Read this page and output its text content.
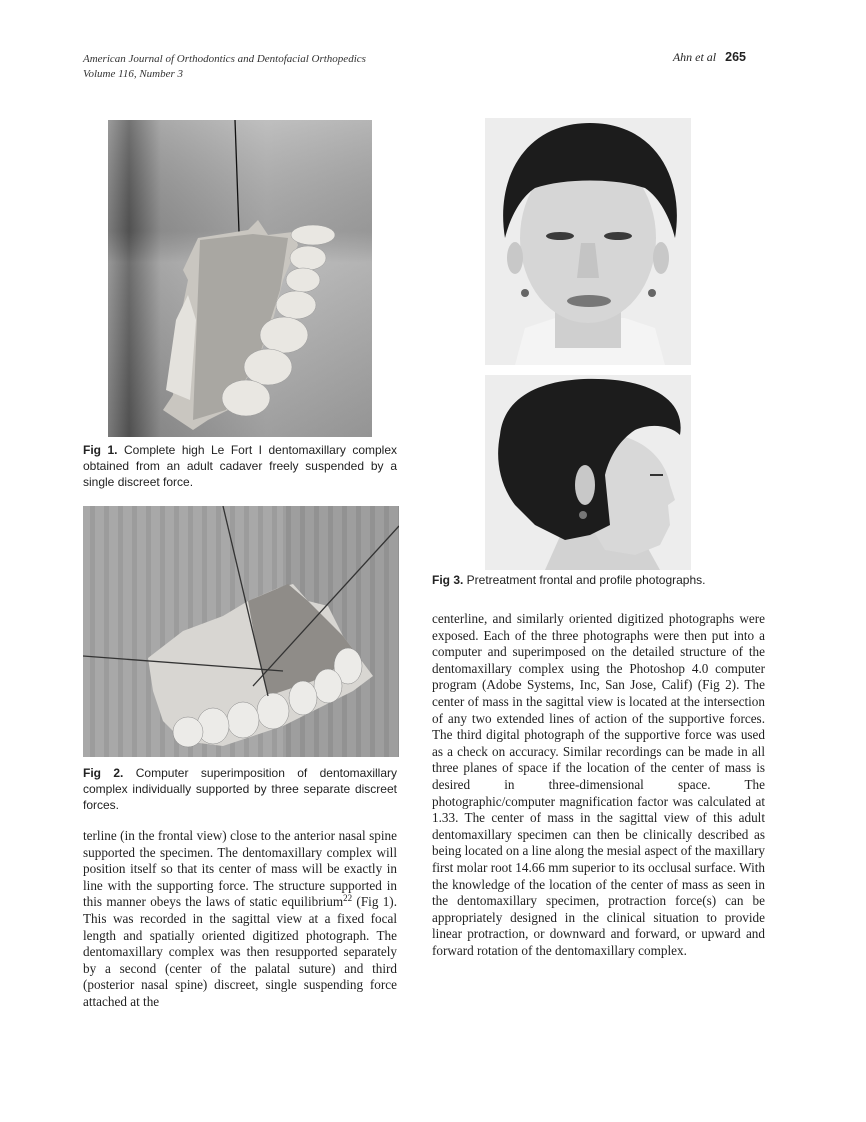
American Journal of Orthodontics and Dentofacial Orthopedics
Volume 116, Number 3
Ahn et al 265
Fig 1. Complete high Le Fort I dentomaxillary complex obtained from an adult cadaver freely suspended by a single discreet force.
Fig 2. Computer superimposition of dentomaxillary complex individually supported by three separate discreet forces.
terline (in the frontal view) close to the anterior nasal spine supported the specimen. The dentomaxillary complex will position itself so that its center of mass will be exactly in line with the supporting force. The structure supported in this manner obeys the laws of static equilibrium$^{22}$ (Fig 1). This was recorded in the sagittal view at a fixed focal length and spatially oriented digitized photograph. The dentomaxillary complex was then resupported separately by a second (center of the palatal suture) and third (posterior nasal spine) discreet, single suspending force attached at the
Fig 3. Pretreatment frontal and profile photographs.
centerline, and similarly oriented digitized photographs were exposed. Each of the three photographs were then put into a computer and superimposed on the detailed structure of the dentomaxillary complex using the Photoshop 4.0 computer program (Adobe Systems, Inc, San Jose, Calif) (Fig 2). The center of mass in the sagittal view is located at the intersection of any two extended lines of action of the supportive forces. The third digital photograph of the supportive force was used as a check on accuracy. Similar recordings can be made in all three planes of space if the location of the center of mass is desired in three-dimensional space. The photographic/computer magnification factor was calculated at 1.33. The center of mass in the sagittal view of this adult dentomaxillary specimen can then be clinically described as being located on a line along the mesial aspect of the maxillary first molar root 14.66 mm superior to its occlusal surface. With the knowledge of the location of the center of mass as seen in the dentomaxillary specimen, protraction force(s) can be appropriately designed in the clinical situation to provide linear protraction, or downward and forward, or upward and forward rotation of the dentomaxillary complex.
